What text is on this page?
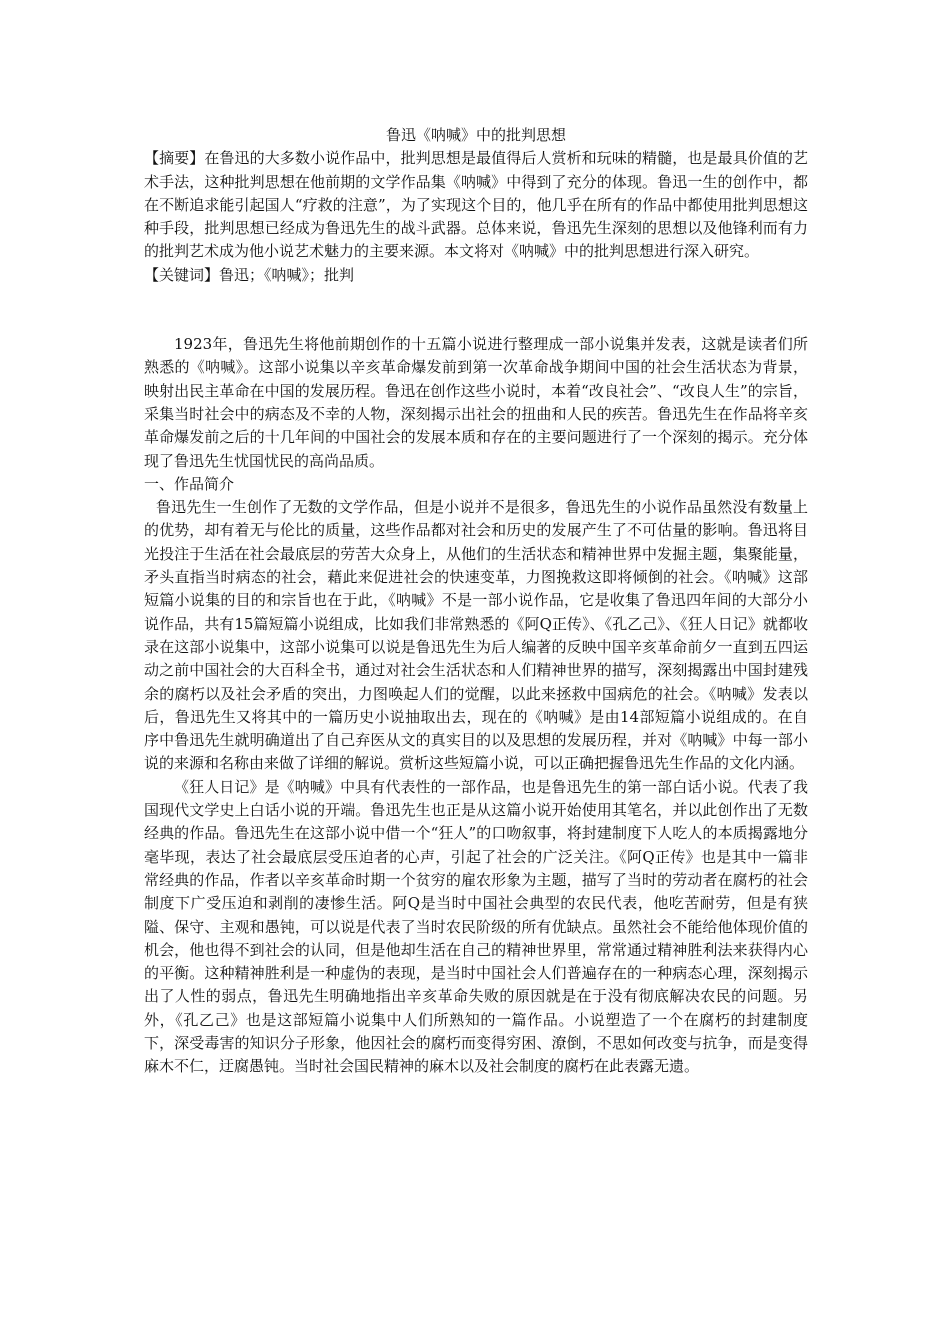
鲁迅《呐喊》中的批判思想

【摘要】在鲁迅的大多数小说作品中，批判思想是最值得后人赏析和玩味的精髓，也是最具价值的艺术手法，这种批判思想在他前期的文学作品集《呐喊》中得到了充分的体现。鲁迅一生的创作中，都在不断追求能引起国人“疗救的注意”，为了实现这个目的，他几乎在所有的作品中都使用批判思想这种手段，批判思想已经成为鲁迅先生的战斗武器。总体来说，鲁迅先生深刻的思想以及他锋利而有力的批判艺术成为他小说艺术魅力的主要来源。本文将对《呐喊》中的批判思想进行深入研究。

【关键词】鲁迅；《呐喊》；批判

1923年，鲁迅先生将他前期创作的十五篇小说进行整理成一部小说集并发表，这就是读者们所熟悉的《呐喊》。这部小说集以辛亥革命爆发前到第一次革命战争期间中国的社会生活状态为背景，映射出民主革命在中国的发展历程。鲁迅在创作这些小说时，本着“改良社会”、“改良人生”的宗旨，采集当时社会中的病态及不幸的人物，深刻揭示出社会的扭曲和人民的疾苦。鲁迅先生在作品将辛亥革命爆发前之后的十几年间的中国社会的发展本质和存在的主要问题进行了一个深刻的揭示。充分体现了鲁迅先生忧国忧民的高尚品质。

一、作品简介

鲁迅先生一生创作了无数的文学作品，但是小说并不是很多，鲁迅先生的小说作品虽然没有数量上的优势，却有着无与伦比的质量，这些作品都对社会和历史的发展产生了不可估量的影响。鲁迅将目光投注于生活在社会最底层的劳苦大众身上，从他们的生活状态和精神世界中发掘主题，集聚能量，矛头直指当时病态的社会，藉此来促进社会的快速变革，力图挽救这即将倾倒的社会。《呐喊》这部短篇小说集的目的和宗旨也在于此，《呐喊》不是一部小说作品，它是收集了鲁迅四年间的大部分小说作品，共有15篇短篇小说组成，比如我们非常熟悉的《阿Q正传》、《孔乙己》、《狂人日记》就都收录在这部小说集中，这部小说集可以说是鲁迅先生为后人编著的反映中国辛亥革命前夕一直到五四运动之前中国社会的大百科全书，通过对社会生活状态和人们精神世界的描写，深刻揭露出中国封建残余的腐朽以及社会矛盾的突出，力图唤起人们的觉醒，以此来拯救中国病危的社会。《呐喊》发表以后，鲁迅先生又将其中的一篇历史小说抽取出去，现在的《呐喊》是由14部短篇小说组成的。在自序中鲁迅先生就明确道出了自己弃医从文的真实目的以及思想的发展历程，并对《呐喊》中每一部小说的来源和名称由来做了详细的解说。赏析这些短篇小说，可以正确把握鲁迅先生作品的文化内涵。

《狂人日记》是《呐喊》中具有代表性的一部作品，也是鲁迅先生的第一部白话小说。代表了我国现代文学史上白话小说的开端。鲁迅先生也正是从这篇小说开始使用其笔名，并以此创作出了无数经典的作品。鲁迅先生在这部小说中借一个“狂人”的口吻叙事，将封建制度下人吃人的本质揭露地分毫毕现，表达了社会最底层受压迫者的心声，引起了社会的广泛关注。《阿Q正传》也是其中一篇非常经典的作品，作者以辛亥革命时期一个贫穷的雇农形象为主题，描写了当时的劳动者在腐朽的社会制度下广受压迫和剥削的凄惨生活。阿Q是当时中国社会典型的农民代表，他吃苦耐劳，但是有狭隘、保守、主观和愚钝，可以说是代表了当时农民阶级的所有优缺点。虽然社会不能给他体现价值的机会，他也得不到社会的认同，但是他却生活在自己的精神世界里，常常通过精神胜利法来获得内心的平衡。这种精神胜利是一种虚伪的表现，是当时中国社会人们普遍存在的一种病态心理，深刻揭示出了人性的弱点，鲁迅先生明确地指出辛亥革命失败的原因就是在于没有彻底解决农民的问题。另外，《孔乙己》也是这部短篇小说集中人们所熟知的一篇作品。小说塑造了一个在腐朽的封建制度下，深受毒害的知识分子形象，他因社会的腐朽而变得穷困、潦倒，不思如何改变与抗争，而是变得麻木不仁，迂腐愚钝。当时社会国民精神的麻木以及社会制度的腐朽在此表露无遗。
